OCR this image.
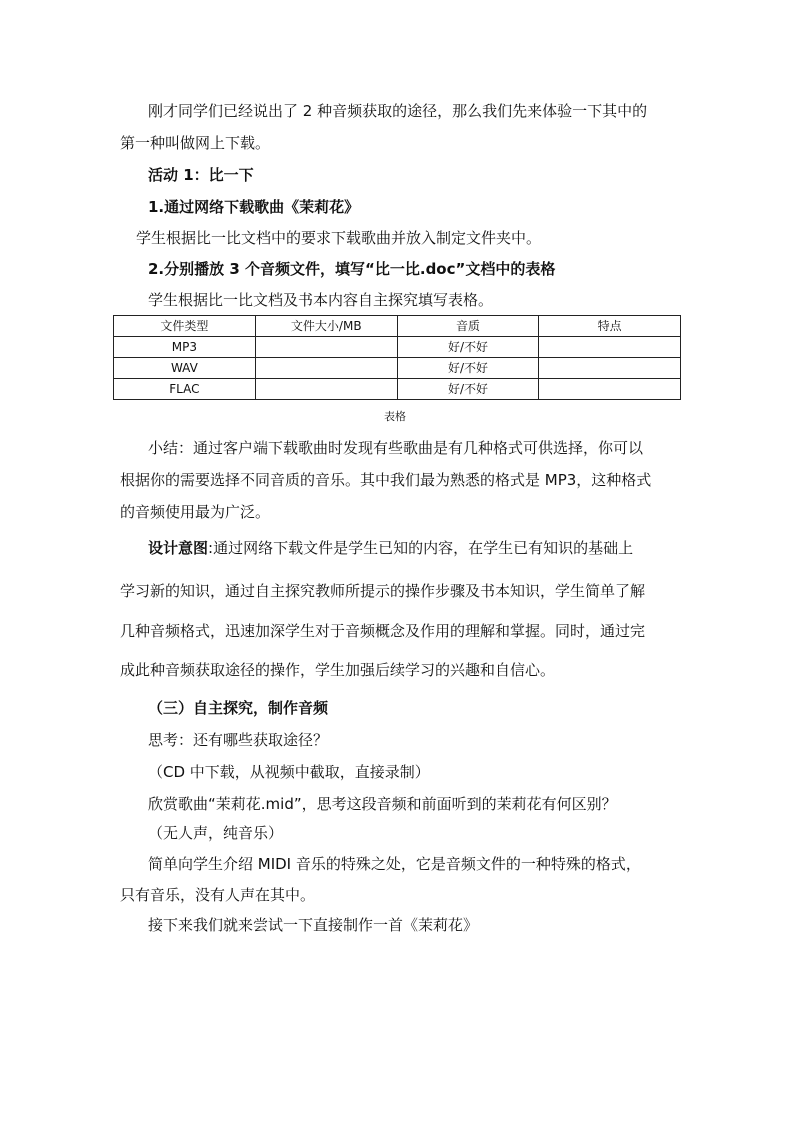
刚才同学们已经说出了 2 种音频获取的途径，那么我们先来体验一下其中的
第一种叫做网上下载。
活动 1：比一下
1.通过网络下载歌曲《茉莉花》
学生根据比一比文档中的要求下载歌曲并放入制定文件夹中。
2.分别播放 3 个音频文件，填写“比一比.doc”文档中的表格
学生根据比一比文档及书本内容自主探究填写表格。
文件类型	文件大小/MB	音质	特点
MP3		好/不好	
WAV		好/不好	
FLAC		好/不好	
表格
小结：通过客户端下载歌曲时发现有些歌曲是有几种格式可供选择，你可以
根据你的需要选择不同音质的音乐。其中我们最为熟悉的格式是 MP3，这种格式
的音频使用最为广泛。
设计意图:通过网络下载文件是学生已知的内容，在学生已有知识的基础上
学习新的知识，通过自主探究教师所提示的操作步骤及书本知识，学生简单了解
几种音频格式，迅速加深学生对于音频概念及作用的理解和掌握。同时，通过完
成此种音频获取途径的操作，学生加强后续学习的兴趣和自信心。
（三）自主探究，制作音频
思考：还有哪些获取途径？
（CD 中下载，从视频中截取，直接录制）
欣赏歌曲“茉莉花.mid”，思考这段音频和前面听到的茉莉花有何区别？
（无人声，纯音乐）
简单向学生介绍 MIDI 音乐的特殊之处，它是音频文件的一种特殊的格式，
只有音乐，没有人声在其中。
接下来我们就来尝试一下直接制作一首《茉莉花》
